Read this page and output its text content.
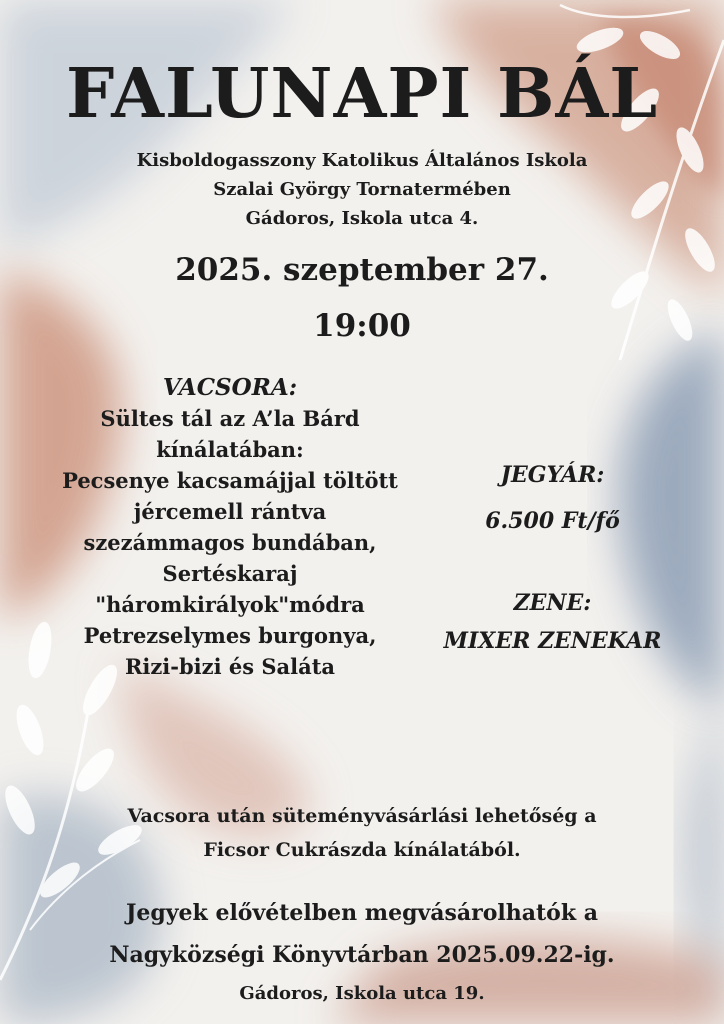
FALUNAPI BÁL
Kisboldogasszony Katolikus Általános Iskola
Szalai György Tornatermében
Gádoros, Iskola utca 4.
2025. szeptember 27.
19:00
VACSORA:
Sültes tál az A’la Bárd
kínálatában:
Pecsenye kacsamájjal töltött
jércemell rántva
szezámmagos bundában,
Sertéskaraj
"háromkirályok"módra
Petrezselymes burgonya,
Rizi-bizi és Saláta
JEGYÁR:
6.500 Ft/fő
ZENE:
MIXER ZENEKAR
Vacsora után süteményvásárlási lehetőség a
Ficsor Cukrászda kínálatából.
Jegyek elővételben megvásárolhatók a
Nagyközségi Könyvtárban 2025.09.22-ig.
Gádoros, Iskola utca 19.
